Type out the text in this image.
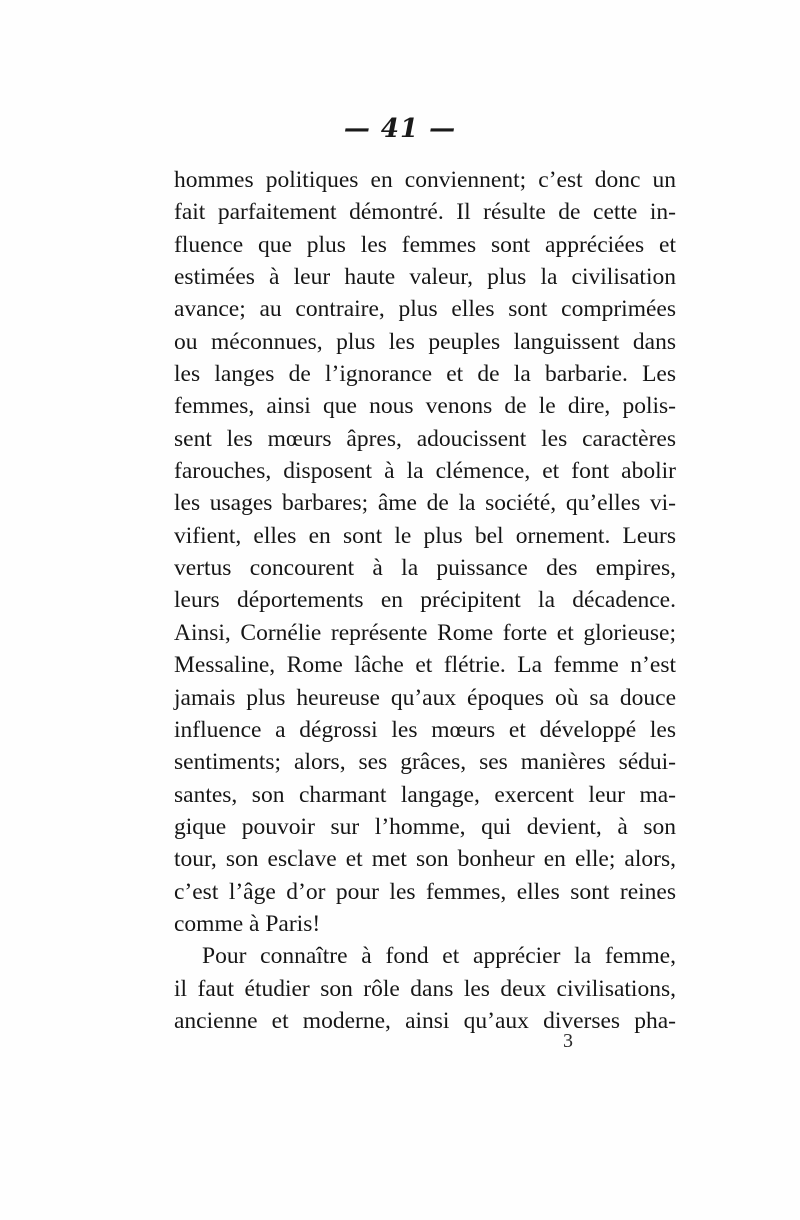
— 41 —
hommes politiques en conviennent; c’est donc un
fait parfaitement démontré. Il résulte de cette in-
fluence que plus les femmes sont appréciées et
estimées à leur haute valeur, plus la civilisation
avance; au contraire, plus elles sont comprimées
ou méconnues, plus les peuples languissent dans
les langes de l’ignorance et de la barbarie. Les
femmes, ainsi que nous venons de le dire, polis-
sent les mœurs âpres, adoucissent les caractères
farouches, disposent à la clémence, et font abolir
les usages barbares; âme de la société, qu’elles vi-
vifient, elles en sont le plus bel ornement. Leurs
vertus concourent à la puissance des empires,
leurs déportements en précipitent la décadence.
Ainsi, Cornélie représente Rome forte et glorieuse;
Messaline, Rome lâche et flétrie. La femme n’est
jamais plus heureuse qu’aux époques où sa douce
influence a dégrossi les mœurs et développé les
sentiments; alors, ses grâces, ses manières sédui-
santes, son charmant langage, exercent leur ma-
gique pouvoir sur l’homme, qui devient, à son
tour, son esclave et met son bonheur en elle; alors,
c’est l’âge d’or pour les femmes, elles sont reines
comme à Paris!
Pour connaître à fond et apprécier la femme,
il faut étudier son rôle dans les deux civilisations,
ancienne et moderne, ainsi qu’aux diverses pha-
3
